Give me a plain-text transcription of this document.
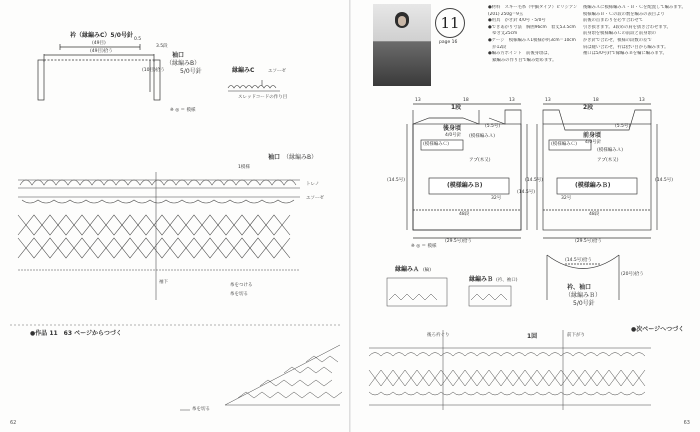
衿（縁編みC）5/0号針
(49目)
(49目)拾う
0.5
3.5段
(10目)拾う
袖口
（縁編みB）
5/0号針	縁編みC	エソーゼ
スレッドコードの作り目
※ ◎ ＝ 模様
袖口 （縁編みB）
1模様
トレノ
エソーゼ
袖下
糸をつける
糸を切る
●作品 11　63 ページからつづく
糸を切る
62
11
page 16
●材料　スキー毛糸（中細タイプ）ピリジアン
(201) 250g＝9玉
●用具　かぎ針 4/0号・5/0号
●できあがり寸法　胸囲96cm　着丈53.5cm
　ゆき丈25cm
●ゲージ　模様編みＡ1模様が約3cm＝10cm
　が12段
●編み方ポイント　前後身頃は、
　鎖編みの作り目で編み始めます。
後編みＡに模様編みＡ・Ｂ・Ｃを配置して編みます。
模様編みＢ・Ｃの段の数を編みの表目より
前後の首まわりを必ず合わせて
引き抜きます。3段めの肩を抜き合わせます。
前身頃を模様編みＣの前段と前身頃の
かぎ針で合わせ，模様の段数の差で
肩は縫い合わせ，衿は拾い目から編みます。
袖口は5/0号針で縁編みＢを輪に編みます。
1段
13	18	13
後身頃
4/0号針
(5.5号)
(模様編みＡ)
(模様編みＣ)
アプ(木又)
(14.5号)	(14.5号)
(模様編みＢ)
32号
48段
(29.5号)拾う
2段
13	18	13
前身頃
4/0号針
(5.5号)
(模様編みＡ)
(模様編みＣ)
アプ(木又)
(14.5号)
(14.5号)
(模様編みＢ)
32号
48段
(29.5号)拾う
※ ◎ ＝ 模様
縁編みＡ (輪)
縁編みＢ (衿、袖口)
(14.5号)拾う
(20号)拾う
衿、袖口
（縁編みＢ）
5/0号針
後ろ衿ぐり	前下がり
1回
●次ページへつづく
63
